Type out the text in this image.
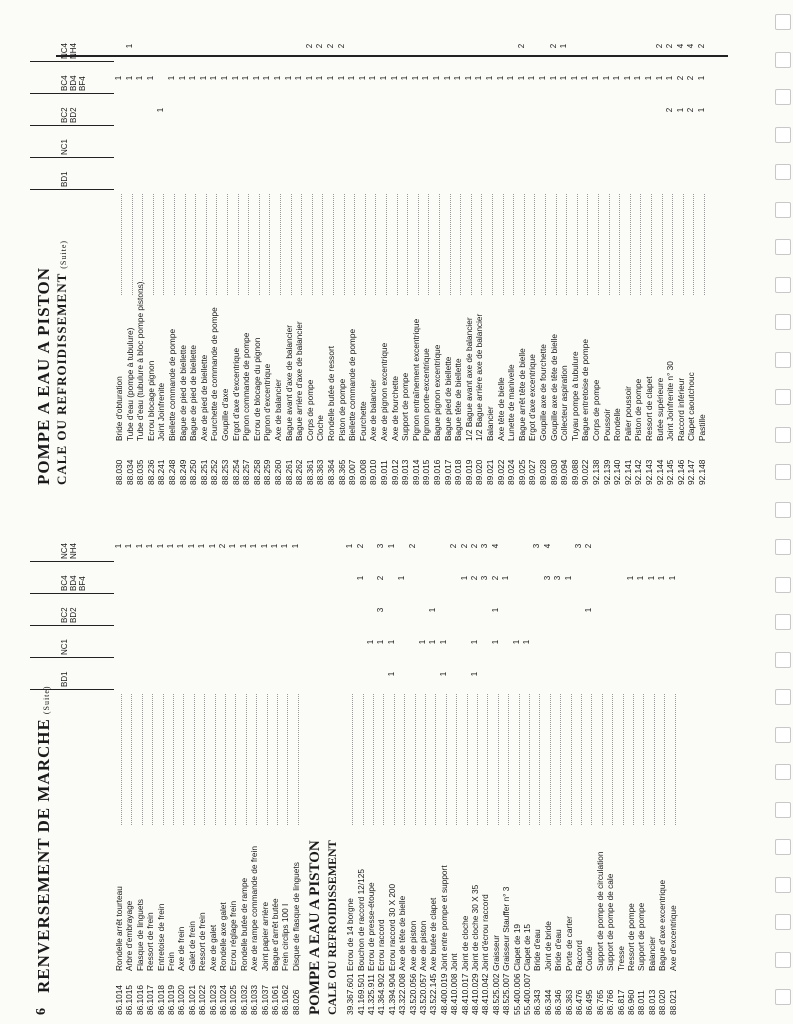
6
RENVERSEMENT DE MARCHE(Suite)
86.1014
Rondelle arrêt tourteau
1
86.1015
Arbre d'embrayage
1
86.1016
Flasque de linguets
1
86.1017
Ressort de frein
1
86.1018
Entretoise de frein
1
86.1019
Frein
1
86.1020
Axe de frein
1
86.1021
Galet de frein
1
86.1022
Ressort de frein
1
86.1023
Axe de galet
1
86.1024
Rondelle axe galet
2
86.1025
Ecrou réglage frein
1
86.1032
Rondelle butée de rampe
1
86.1033
Axe de rampe commande de frein
1
86.1037
Joint papier arrière
1
86.1061
Bague d'arrêt butée
1
86.1062
Frein circlips 100 I
1
88.026
Disque de flasque de linguets
1
POMPE A EAU A PISTON CALE OU REFROIDISSEMENT 39.367.601
Ecrou de 14 borgne
1
41.169.501
Bouchon de raccord 12/125
1
2
41.325.911
Ecrou de presse-étoupe
1
41.364.902
Ecrou raccord
1
3
2
3
41.394.904
Ecrou raccord 30 X 200
1
1
1
43.322.008
Axe de tête de bielle
1
43.520.056
Axe de piston
2
43.520.057
Axe de piston
1
43.522.145
Axe butée de clapet
1
1
48.400.019
Joint entre pompe et support
1
1
48.410.008
Joint
2
48.410.017
Joint de cloche
1
2
48.410.029
Joint de cloche 30 X 35
1
1
2
2
48.410.042
Joint d'écrou raccord
3
3
48.525.002
Graisseur
1
1
2
4
48.525.007
Graisseur Stauffer n° 3
1
55.400.006
Clapet de 19
1
55.400.007
Clapet de 15
1
86.343
Bride d'eau
3
86.344
Joint de bride
3
4
86.346
Bride d'eau
3
86.363
Porte de carter
1
86.476
Raccord
3
86.495
Coude
1
2
86.765
Support de pompe de circulation
86.766
Support de pompe de cale
86.817
Tresse
86.960
Ressort de pompe
1
88.011
Support de pompe
1
88.013
Balancier
1
88.020
Bague d'axe excentrique
1
88.021
Axe d'excentrique
1
BD1
NC1
BC2 BD2
BC4 BD4 BF4
NC4 NH4
POMPE A EAU A PISTON CALE OU REFROIDISSEMENT(Suite)
88.030
Bride d'obturation
1
88.034
Tube d'eau (pompe à tubulure)
1
1
88.035
Tube d'eau (tubulure à bloc pompe pistons)
1
88.236
Ecrou blocage pignon
1
88.241
Joint Joinfrenite
1
88.248
Biellette commande de pompe
1
88.249
Bague de pied de biellette
1
88.250
Bague de pied de biellette
1
88.251
Axe de pied de biellette
1
88.252
Fourchette de commande de pompe
1
88.253
Goupille d'axe
1
88.254
Ergot d'axe d'excentrique
1
88.257
Pignon commande de pompe
1
88.258
Ecrou de blocage du pignon
1
88.259
Pignon d'excentrique
1
88.260
Axe de balancier
1
88.261
Bague avant d'axe de balancier
1
88.262
Bague arrière d'axe de balancier
1
88.361
Corps de pompe
1
2
88.363
Cloche
1
2
88.364
Rondelle butée de ressort
1
2
88.365
Piston de pompe
1
2
89.007
Biellette commande de pompe
1
89.008
Fourchette
1
89.010
Axe de balancier
1
89.011
Axe de pignon excentrique
1
89.012
Axe de fourchette
1
89.013
Support de pompe
1
89.014
Pignon entraînement excentrique
1
89.015
Pignon porte-excentrique
1
89.016
Bague pignon excentrique
1
89.017
Bague pied de biellette
1
89.018
Bague tête de biellette
1
89.019
1/2 Bague avant axe de balancier
1
89.020
1/2 Bague arrière axe de balancier
1
89.021
Balancier
1
89.022
Axe tête de bielle
1
89.024
Lunette de manivelle
1
89.025
Bague arrêt tête de bielle
1
2
89.027
Ergot d'axe excentrique
1
89.028
Goupille axe de fourchette
1
89.030
Goupille axe de tête de bielle
1
2
89.094
Collecteur aspiration
1
1
89.088
Tuyau pompe à tubulure
1
90.022
Bague entretoise de pompe
1
92.138
Corps de pompe
1
92.139
Poussoir
1
92.140
Rondelle
1
92.141
Palier poussoir
1
92.142
Piston de pompe
1
92.143
Ressort de clapet
1
92.144
Butée supérieure
1
2
92.145
Joint Joinfrenite n° 30
2
1
2
92.146
Raccord inférieur
1
2
4
92.147
Clapet caoutchouc
2
2
4
92.148
Pastille
1
1
2
BD1
NC1
BC2 BD2
BC4 BD4 BF4
NC4 NH4
